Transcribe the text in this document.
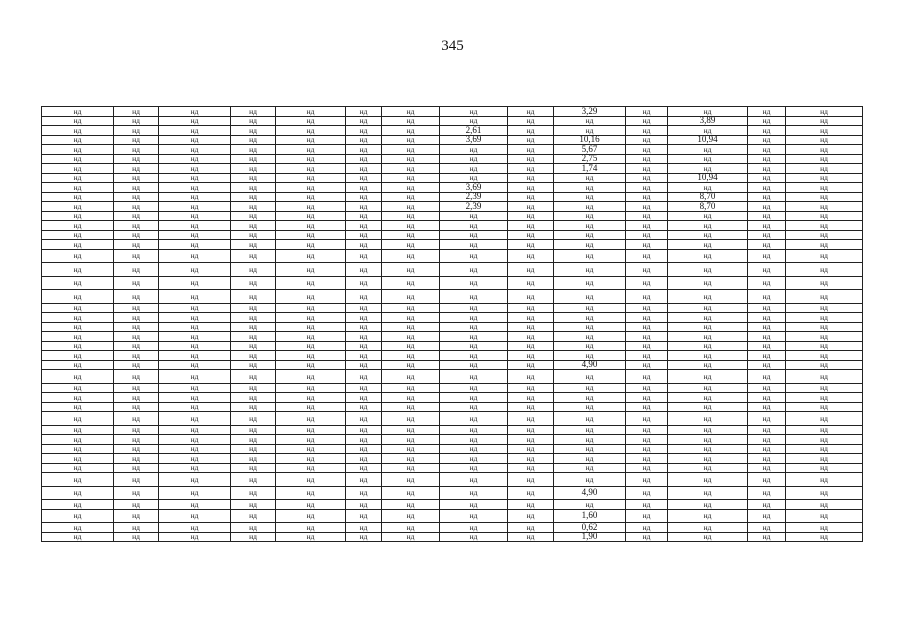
345
нд	нд	нд	нд	нд	нд	нд	нд	нд	3,29	нд	нд	нд	нд
нд	нд	нд	нд	нд	нд	нд	нд	нд	нд	нд	3,89	нд	нд
нд	нд	нд	нд	нд	нд	нд	2,61	нд	нд	нд	нд	нд	нд
нд	нд	нд	нд	нд	нд	нд	3,69	нд	10,16	нд	10,94	нд	нд
нд	нд	нд	нд	нд	нд	нд	нд	нд	5,67	нд	нд	нд	нд
нд	нд	нд	нд	нд	нд	нд	нд	нд	2,75	нд	нд	нд	нд
нд	нд	нд	нд	нд	нд	нд	нд	нд	1,74	нд	нд	нд	нд
нд	нд	нд	нд	нд	нд	нд	нд	нд	нд	нд	10,94	нд	нд
нд	нд	нд	нд	нд	нд	нд	3,69	нд	нд	нд	нд	нд	нд
нд	нд	нд	нд	нд	нд	нд	2,39	нд	нд	нд	8,70	нд	нд
нд	нд	нд	нд	нд	нд	нд	2,39	нд	нд	нд	8,70	нд	нд
нд	нд	нд	нд	нд	нд	нд	нд	нд	нд	нд	нд	нд	нд
нд	нд	нд	нд	нд	нд	нд	нд	нд	нд	нд	нд	нд	нд
нд	нд	нд	нд	нд	нд	нд	нд	нд	нд	нд	нд	нд	нд
нд	нд	нд	нд	нд	нд	нд	нд	нд	нд	нд	нд	нд	нд
нд	нд	нд	нд	нд	нд	нд	нд	нд	нд	нд	нд	нд	нд
нд	нд	нд	нд	нд	нд	нд	нд	нд	нд	нд	нд	нд	нд
нд	нд	нд	нд	нд	нд	нд	нд	нд	нд	нд	нд	нд	нд
нд	нд	нд	нд	нд	нд	нд	нд	нд	нд	нд	нд	нд	нд
нд	нд	нд	нд	нд	нд	нд	нд	нд	нд	нд	нд	нд	нд
нд	нд	нд	нд	нд	нд	нд	нд	нд	нд	нд	нд	нд	нд
нд	нд	нд	нд	нд	нд	нд	нд	нд	нд	нд	нд	нд	нд
нд	нд	нд	нд	нд	нд	нд	нд	нд	нд	нд	нд	нд	нд
нд	нд	нд	нд	нд	нд	нд	нд	нд	нд	нд	нд	нд	нд
нд	нд	нд	нд	нд	нд	нд	нд	нд	нд	нд	нд	нд	нд
нд	нд	нд	нд	нд	нд	нд	нд	нд	4,90	нд	нд	нд	нд
нд	нд	нд	нд	нд	нд	нд	нд	нд	нд	нд	нд	нд	нд
нд	нд	нд	нд	нд	нд	нд	нд	нд	нд	нд	нд	нд	нд
нд	нд	нд	нд	нд	нд	нд	нд	нд	нд	нд	нд	нд	нд
нд	нд	нд	нд	нд	нд	нд	нд	нд	нд	нд	нд	нд	нд
нд	нд	нд	нд	нд	нд	нд	нд	нд	нд	нд	нд	нд	нд
нд	нд	нд	нд	нд	нд	нд	нд	нд	нд	нд	нд	нд	нд
нд	нд	нд	нд	нд	нд	нд	нд	нд	нд	нд	нд	нд	нд
нд	нд	нд	нд	нд	нд	нд	нд	нд	нд	нд	нд	нд	нд
нд	нд	нд	нд	нд	нд	нд	нд	нд	нд	нд	нд	нд	нд
нд	нд	нд	нд	нд	нд	нд	нд	нд	нд	нд	нд	нд	нд
нд	нд	нд	нд	нд	нд	нд	нд	нд	нд	нд	нд	нд	нд
нд	нд	нд	нд	нд	нд	нд	нд	нд	4,90	нд	нд	нд	нд
нд	нд	нд	нд	нд	нд	нд	нд	нд	нд	нд	нд	нд	нд
нд	нд	нд	нд	нд	нд	нд	нд	нд	1,60	нд	нд	нд	нд
нд	нд	нд	нд	нд	нд	нд	нд	нд	0,62	нд	нд	нд	нд
нд	нд	нд	нд	нд	нд	нд	нд	нд	1,90	нд	нд	нд	нд
